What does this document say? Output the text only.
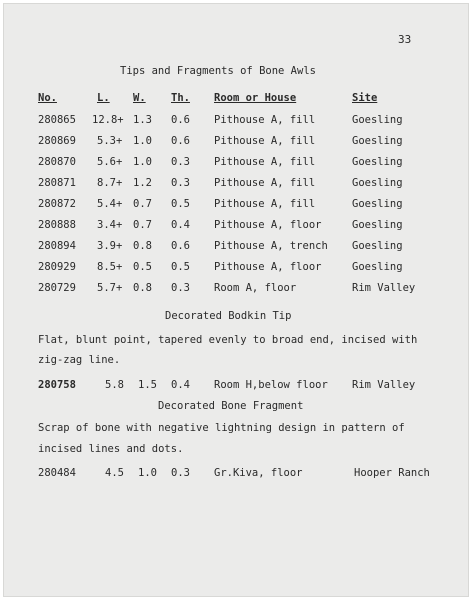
33
Tips and Fragments of Bone Awls
No.	L. W. Th. Room or House	Site
280865 12.8+ 1.3 0.6 Pithouse A, fill	Goesling
280869 5.3+ 1.0 0.6 Pithouse A, fill	Goesling
280870 5.6+ 1.0 0.3 Pithouse A, fill	Goesling
280871 8.7+ 1.2 0.3 Pithouse A, fill	Goesling
280872 5.4+ 0.7 0.5 Pithouse A, fill	Goesling
280888 3.4+ 0.7 0.4 Pithouse A, floor	Goesling
280894 3.9+ 0.8 0.6 Pithouse A, trench Goesling
280929 8.5+ 0.5 0.5 Pithouse A, floor	Goesling
280729 5.7+ 0.8 0.3 Room A, floor	Rim Valley
Decorated Bodkin Tip
Flat, blunt point, tapered evenly to broad end, incised with
zig-zag line.
280758	5.8 1.5 0.4 Room H,below floor Rim Valley
Decorated Bone Fragment
Scrap of bone with negative lightning design in pattern of
incised lines and dots.
280484	4.5 1.0 0.3 Gr.Kiva, floor	Hooper Ranch
